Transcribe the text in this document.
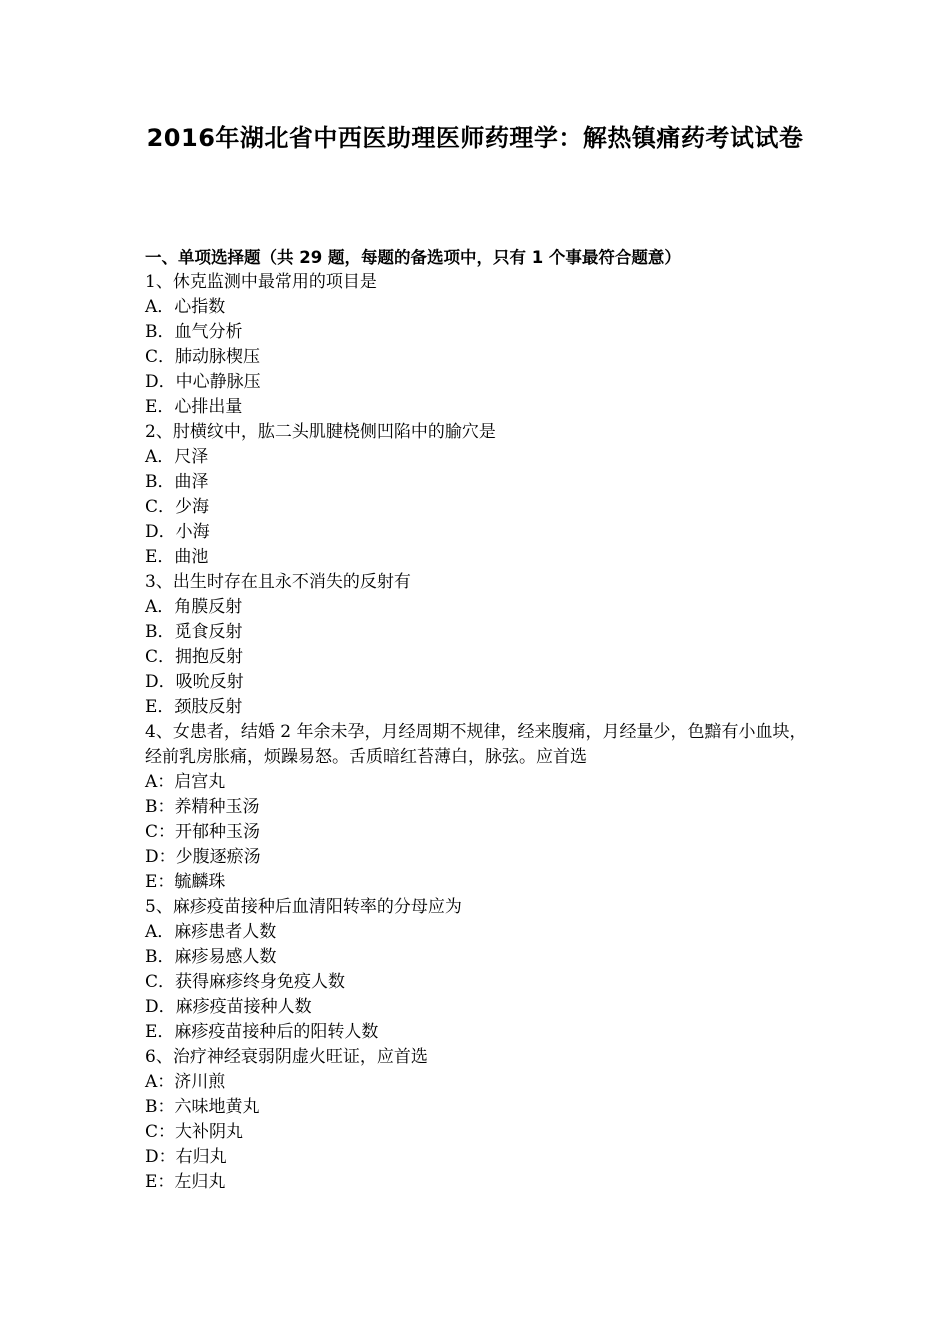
2016年湖北省中西医助理医师药理学：解热镇痛药考试试卷

一、单项选择题（共 29 题，每题的备选项中，只有 1 个事最符合题意）

1、休克监测中最常用的项目是

A．心指数

B．血气分析

C．肺动脉楔压

D．中心静脉压

E．心排出量

2、肘横纹中，肱二头肌腱桡侧凹陷中的腧穴是

A．尺泽

B．曲泽

C．少海

D．小海

E．曲池

3、出生时存在且永不消失的反射有

A．角膜反射

B．觅食反射

C．拥抱反射

D．吸吮反射

E．颈肢反射

4、女患者，结婚 2 年余未孕，月经周期不规律，经来腹痛，月经量少，色黯有小血块，经前乳房胀痛，烦躁易怒。舌质暗红苔薄白，脉弦。应首选

A：启宫丸

B：养精种玉汤

C：开郁种玉汤

D：少腹逐瘀汤

E：毓麟珠

5、麻疹疫苗接种后血清阳转率的分母应为

A．麻疹患者人数

B．麻疹易感人数

C．获得麻疹终身免疫人数

D．麻疹疫苗接种人数

E．麻疹疫苗接种后的阳转人数

6、治疗神经衰弱阴虚火旺证，应首选

A：济川煎

B：六味地黄丸

C：大补阴丸

D：右归丸

E：左归丸
